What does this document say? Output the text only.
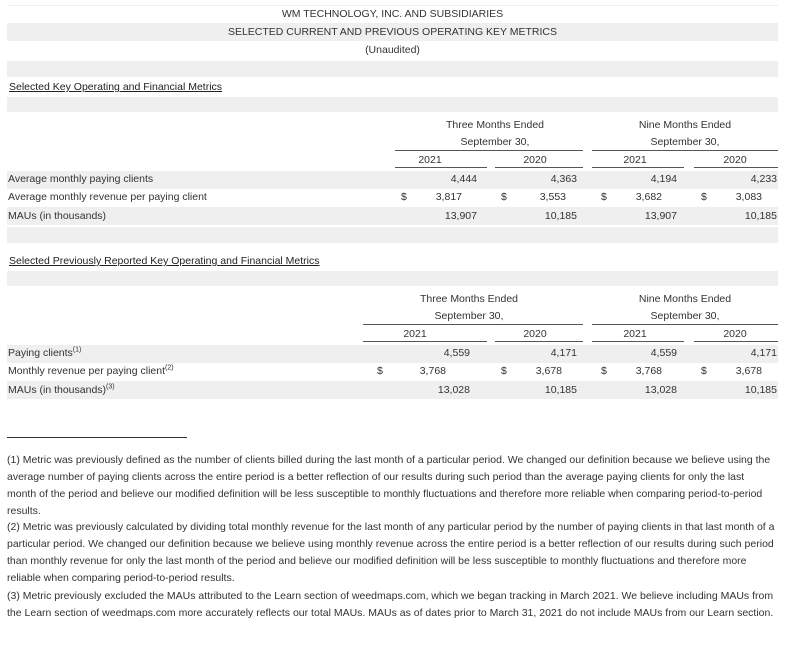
WM TECHNOLOGY, INC. AND SUBSIDIARIES
SELECTED CURRENT AND PREVIOUS OPERATING KEY METRICS
(Unaudited)
Selected Key Operating and Financial Metrics
Three Months Ended
September 30,
Nine Months Ended
September 30,
2021	2020	2021	2020
Average monthly paying clients	4,444	4,363	4,194	4,233
Average monthly revenue per paying client	$	3,817	$	3,553	$	3,682	$	3,083
MAUs (in thousands)	13,907	10,185	13,907	10,185
Selected Previously Reported Key Operating and Financial Metrics
Three Months Ended
September 30,
Nine Months Ended
September 30,
2021	2020	2021	2020
Paying clients$^{(1)}$	4,559	4,171	4,559	4,171
Monthly revenue per paying client$^{(2)}$	$	3,768	$	3,678	$	3,768	$	3,678
MAUs (in thousands)$^{(3)}$	13,028	10,185	13,028	10,185
(1) Metric was previously defined as the number of clients billed during the last month of a particular period. We changed our definition because we believe using the average number of paying clients across the entire period is a better reflection of our results during such period than the average paying clients for only the last month of the period and believe our modified definition will be less susceptible to monthly fluctuations and therefore more reliable when comparing period-to-period results.
(2) Metric was previously calculated by dividing total monthly revenue for the last month of any particular period by the number of paying clients in that last month of a particular period. We changed our definition because we believe using monthly revenue across the entire period is a better reflection of our results during such period than monthly revenue for only the last month of the period and believe our modified definition will be less susceptible to monthly fluctuations and therefore more reliable when comparing period-to-period results.
(3) Metric previously excluded the MAUs attributed to the Learn section of weedmaps.com, which we began tracking in March 2021. We believe including MAUs from the Learn section of weedmaps.com more accurately reflects our total MAUs. MAUs as of dates prior to March 31, 2021 do not include MAUs from our Learn section.
